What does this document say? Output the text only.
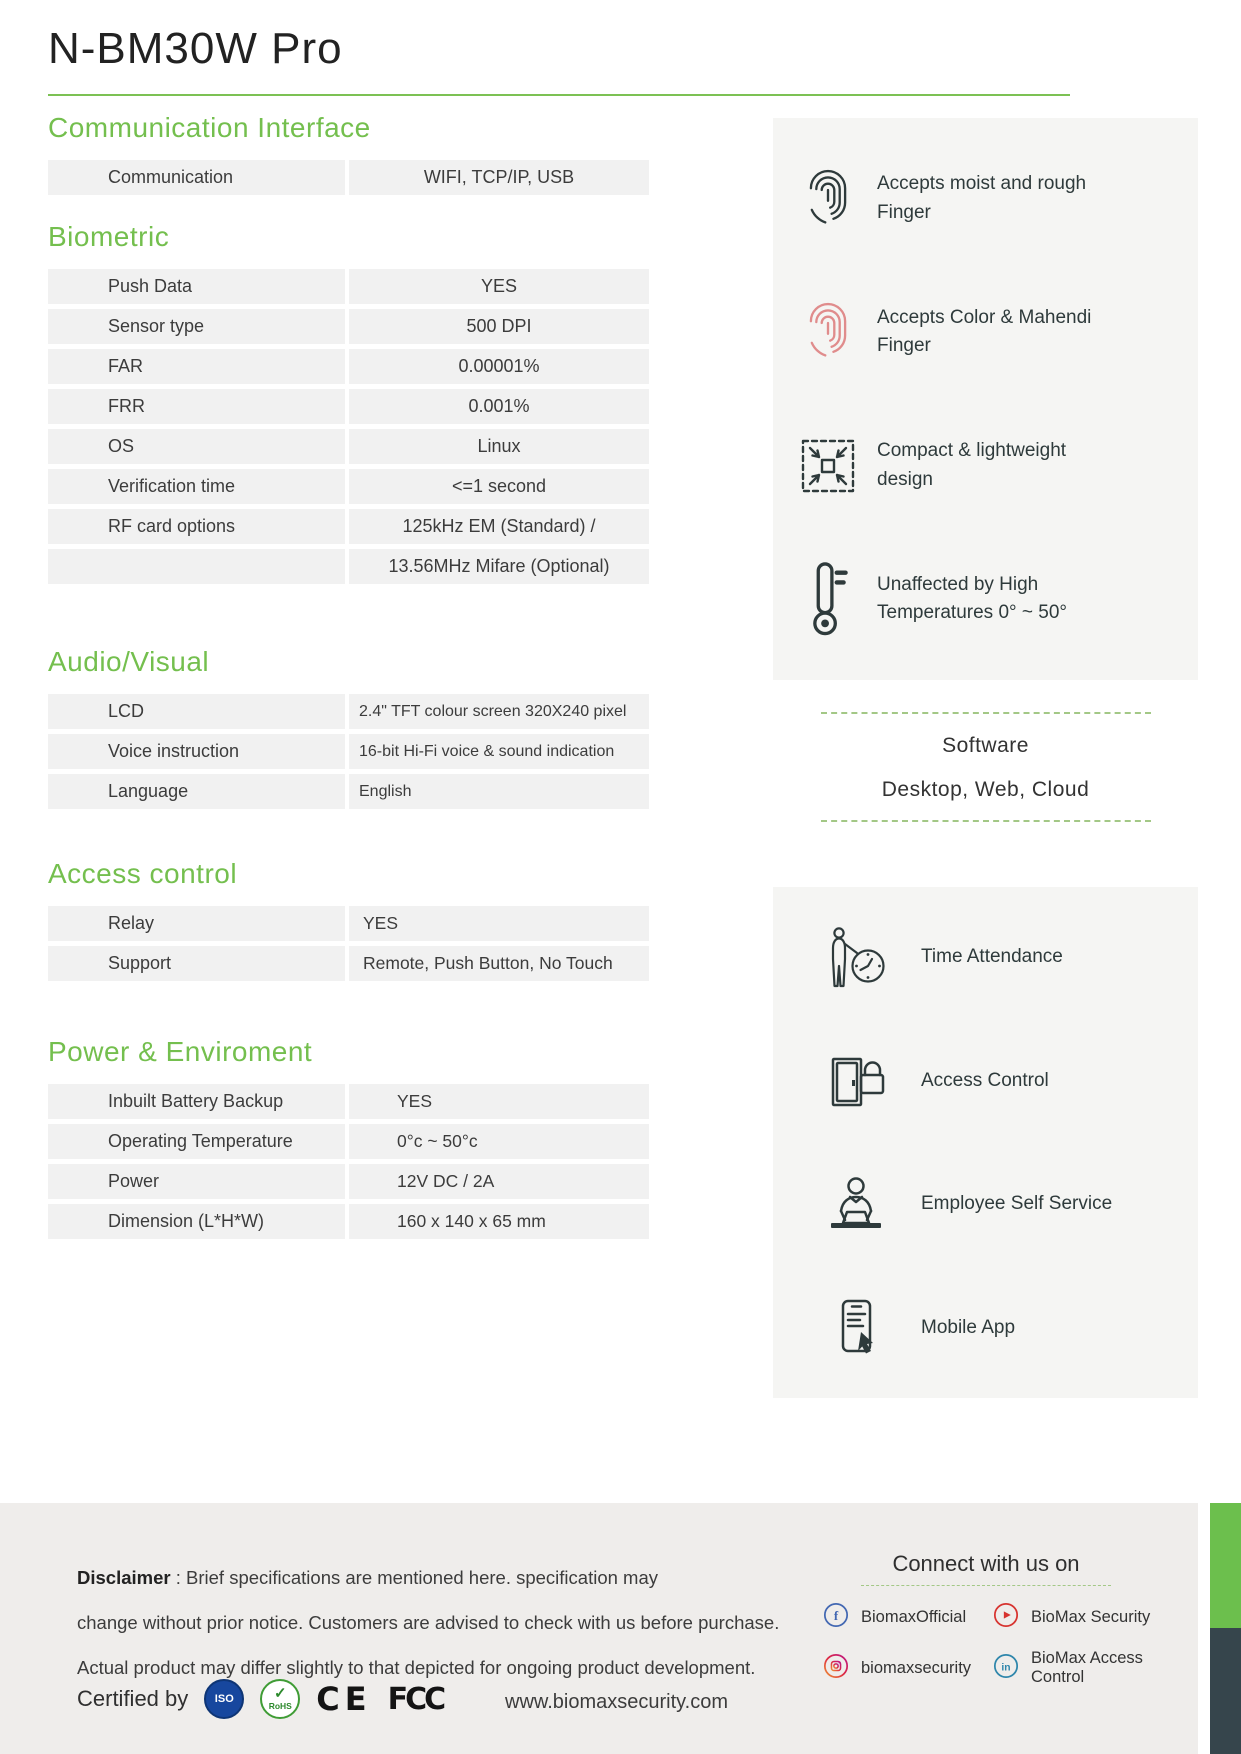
N-BM30W Pro
Communication Interface
Communication	WIFI, TCP/IP, USB
Biometric
Push Data	YES
Sensor type	500 DPI
FAR	0.00001%
FRR	0.001%
OS	Linux
Verification time	<=1 second
RF card options	125kHz EM (Standard) /
13.56MHz Mifare (Optional)
Audio/Visual
LCD	2.4" TFT colour screen 320X240 pixel
Voice instruction	16-bit Hi-Fi voice & sound indication
Language	English
Access control
Relay	YES
Support	Remote, Push Button, No Touch
Power & Enviroment
Inbuilt Battery Backup	YES
Operating Temperature	0°c ~ 50°c
Power	12V DC / 2A
Dimension (L*H*W)	160 x 140 x 65 mm
Accepts moist and rough Finger
Accepts Color & Mahendi Finger
Compact & lightweight design
Unaffected by High Temperatures 0° ~ 50°
Software
Desktop, Web, Cloud
Time Attendance
Access Control
Employee Self Service
Mobile App
Disclaimer : Brief specifications are mentioned here. specification may
change without prior notice. Customers are advised to check with us before purchase.
Actual product may differ slightly to that depicted for ongoing product development.
Certified by	ISO
✓ RoHS CE FCC	www.biomaxsecurity.com
Connect with us on
f BiomaxOfficial	BioMax Security
biomaxsecurity	in
BioMax Access Control
